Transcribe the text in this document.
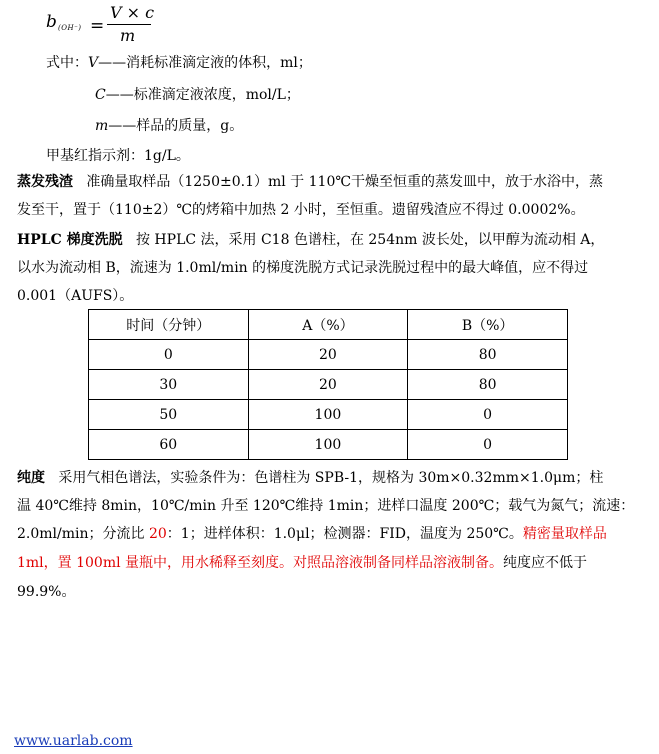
b (OH⁻) =
V × c
m
式中：V——消耗标准滴定液的体积，ml；
C——标准滴定液浓度，mol/L；
m——样品的质量，g。
甲基红指示剂：1g/L。
蒸发残渣 准确量取样品（1250±0.1）ml 于 110℃干燥至恒重的蒸发皿中，放于水浴中，蒸
发至干，置于（110±2）℃的烤箱中加热 2 小时，至恒重。遗留残渣应不得过 0.0002%。
HPLC 梯度洗脱 按 HPLC 法，采用 C18 色谱柱，在 254nm 波长处，以甲醇为流动相 A，
以水为流动相 B，流速为 1.0ml/min 的梯度洗脱方式记录洗脱过程中的最大峰值，应不得过
0.001（AUFS）。
时间（分钟）	A（%）	B（%）
0	20	80
30	20	80
50	100	0
60	100	0
纯度 采用气相色谱法，实验条件为：色谱柱为 SPB-1，规格为 30m×0.32mm×1.0μm；柱
温 40℃维持 8min，10℃/min 升至 120℃维持 1min；进样口温度 200℃；载气为氮气；流速：
2.0ml/min；分流比 20：1；进样体积：1.0μl；检测器：FID，温度为 250℃。精密量取样品
1ml，置 100ml 量瓶中，用水稀释至刻度。对照品溶液制备同样品溶液制备。纯度应不低于
99.9%。
www.uarlab.com
